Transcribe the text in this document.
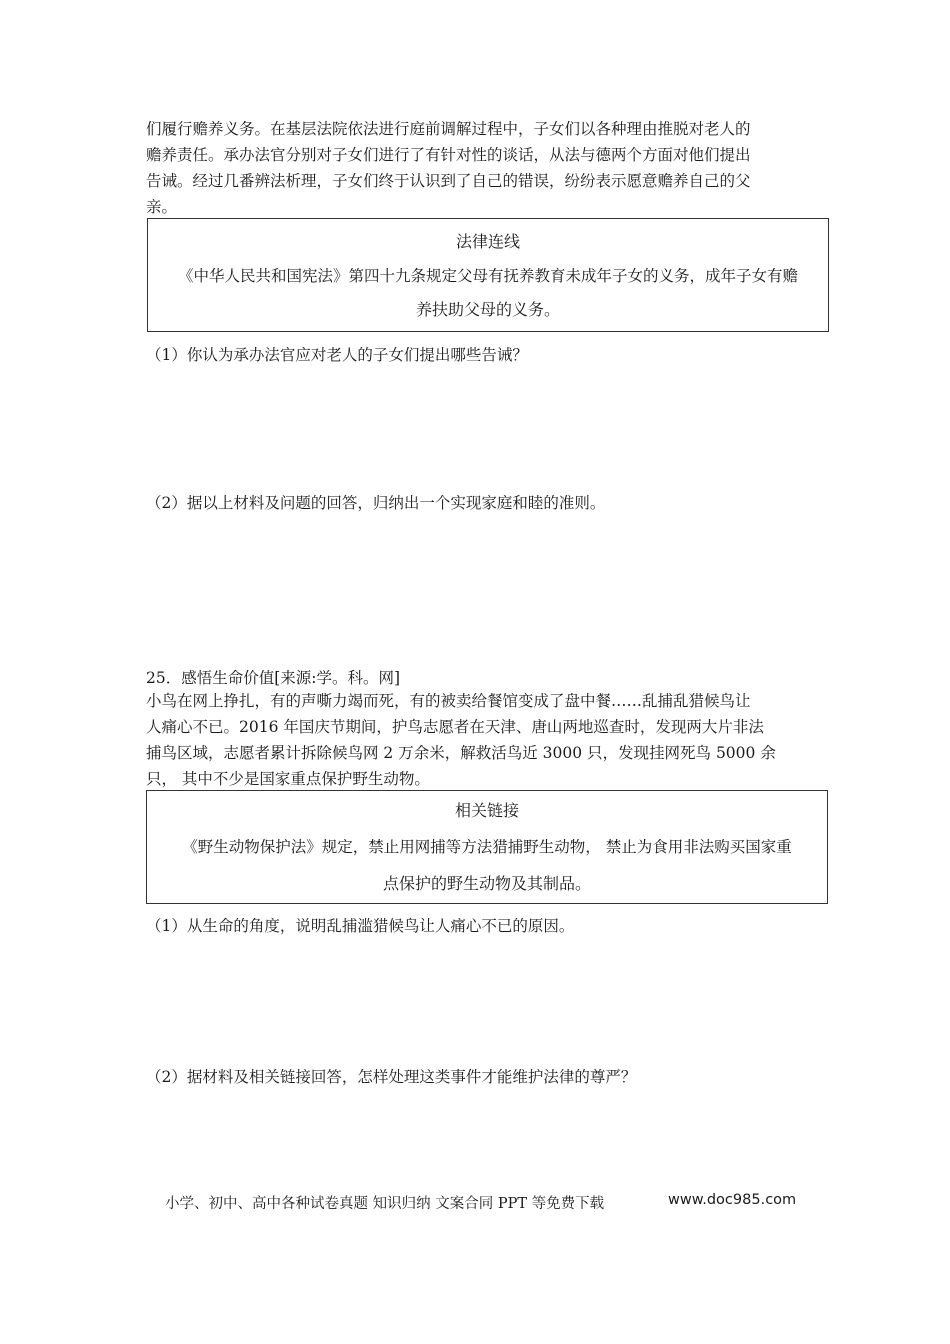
们履行赡养义务。在基层法院依法进行庭前调解过程中，子女们以各种理由推脱对老人的
赡养责任。承办法官分别对子女们进行了有针对性的谈话，从法与德两个方面对他们提出
告诫。经过几番辨法析理，子女们终于认识到了自己的错误，纷纷表示愿意赡养自己的父
亲。
法律连线
《中华人民共和国宪法》第四十九条规定父母有抚养教育未成年子女的义务，成年子女有赡
养扶助父母的义务。
（1）你认为承办法官应对老人的子女们提出哪些告诫？
（2）据以上材料及问题的回答，归纳出一个实现家庭和睦的准则。
25．感悟生命价值[来源:学。科。网]
小鸟在网上挣扎，有的声嘶力竭而死，有的被卖给餐馆变成了盘中餐……乱捕乱猎候鸟让
人痛心不已。2016 年国庆节期间，护鸟志愿者在天津、唐山两地巡查时，发现两大片非法
捕鸟区域，志愿者累计拆除候鸟网 2 万余米，解救活鸟近 3000 只，发现挂网死鸟 5000 余
只， 其中不少是国家重点保护野生动物。
相关链接
《野生动物保护法》规定，禁止用网捕等方法猎捕野生动物， 禁止为食用非法购买国家重
点保护的野生动物及其制品。
（1）从生命的角度，说明乱捕滥猎候鸟让人痛心不已的原因。
（2）据材料及相关链接回答，怎样处理这类事件才能维护法律的尊严？
小学、初中、高中各种试卷真题 知识归纳 文案合同 PPT 等免费下载	www.doc985.com
